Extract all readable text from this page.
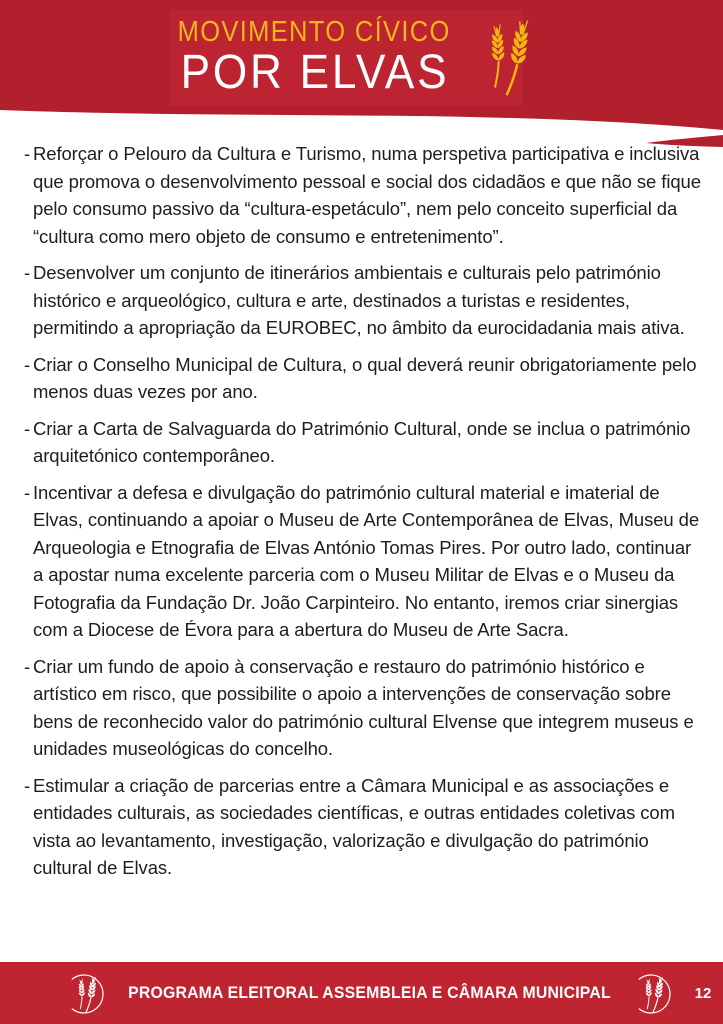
MOVIMENTO CÍVICO
POR ELVAS
- Reforçar o Pelouro da Cultura e Turismo, numa perspetiva participativa e inclusiva que promova o desenvolvimento pessoal e social dos cidadãos e que não se fique pelo consumo passivo da “cultura-espetáculo”, nem pelo conceito superficial da “cultura como mero objeto de consumo e entretenimento”.
- Desenvolver um conjunto de itinerários ambientais e culturais pelo património histórico e arqueológico, cultura e arte, destinados a turistas e residentes, permitindo a apropriação da EUROBEC, no âmbito da eurocidadania mais ativa.
- Criar o Conselho Municipal de Cultura, o qual deverá reunir obrigatoriamente pelo menos duas vezes por ano.
- Criar a Carta de Salvaguarda do Património Cultural, onde se inclua o património arquitetónico contemporâneo.
- Incentivar a defesa e divulgação do património cultural material e imaterial de Elvas, continuando a apoiar o Museu de Arte Contemporânea de Elvas, Museu de Arqueologia e Etnografia de Elvas António Tomas Pires. Por outro lado, continuar a apostar numa excelente parceria com o Museu Militar de Elvas e o Museu da Fotografia da Fundação Dr. João Carpinteiro. No entanto, iremos criar sinergias com a Diocese de Évora para a abertura do Museu de Arte Sacra.
- Criar um fundo de apoio à conservação e restauro do património histórico e artístico em risco, que possibilite o apoio a intervenções de conservação sobre bens de reconhecido valor do património cultural Elvense que integrem museus e unidades museológicas do concelho.
- Estimular a criação de parcerias entre a Câmara Municipal e as associações e entidades culturais, as sociedades científicas, e outras entidades coletivas com vista ao levantamento, investigação, valorização e divulgação do património cultural de Elvas.
PROGRAMA ELEITORAL ASSEMBLEIA E CÂMARA MUNICIPAL	12
